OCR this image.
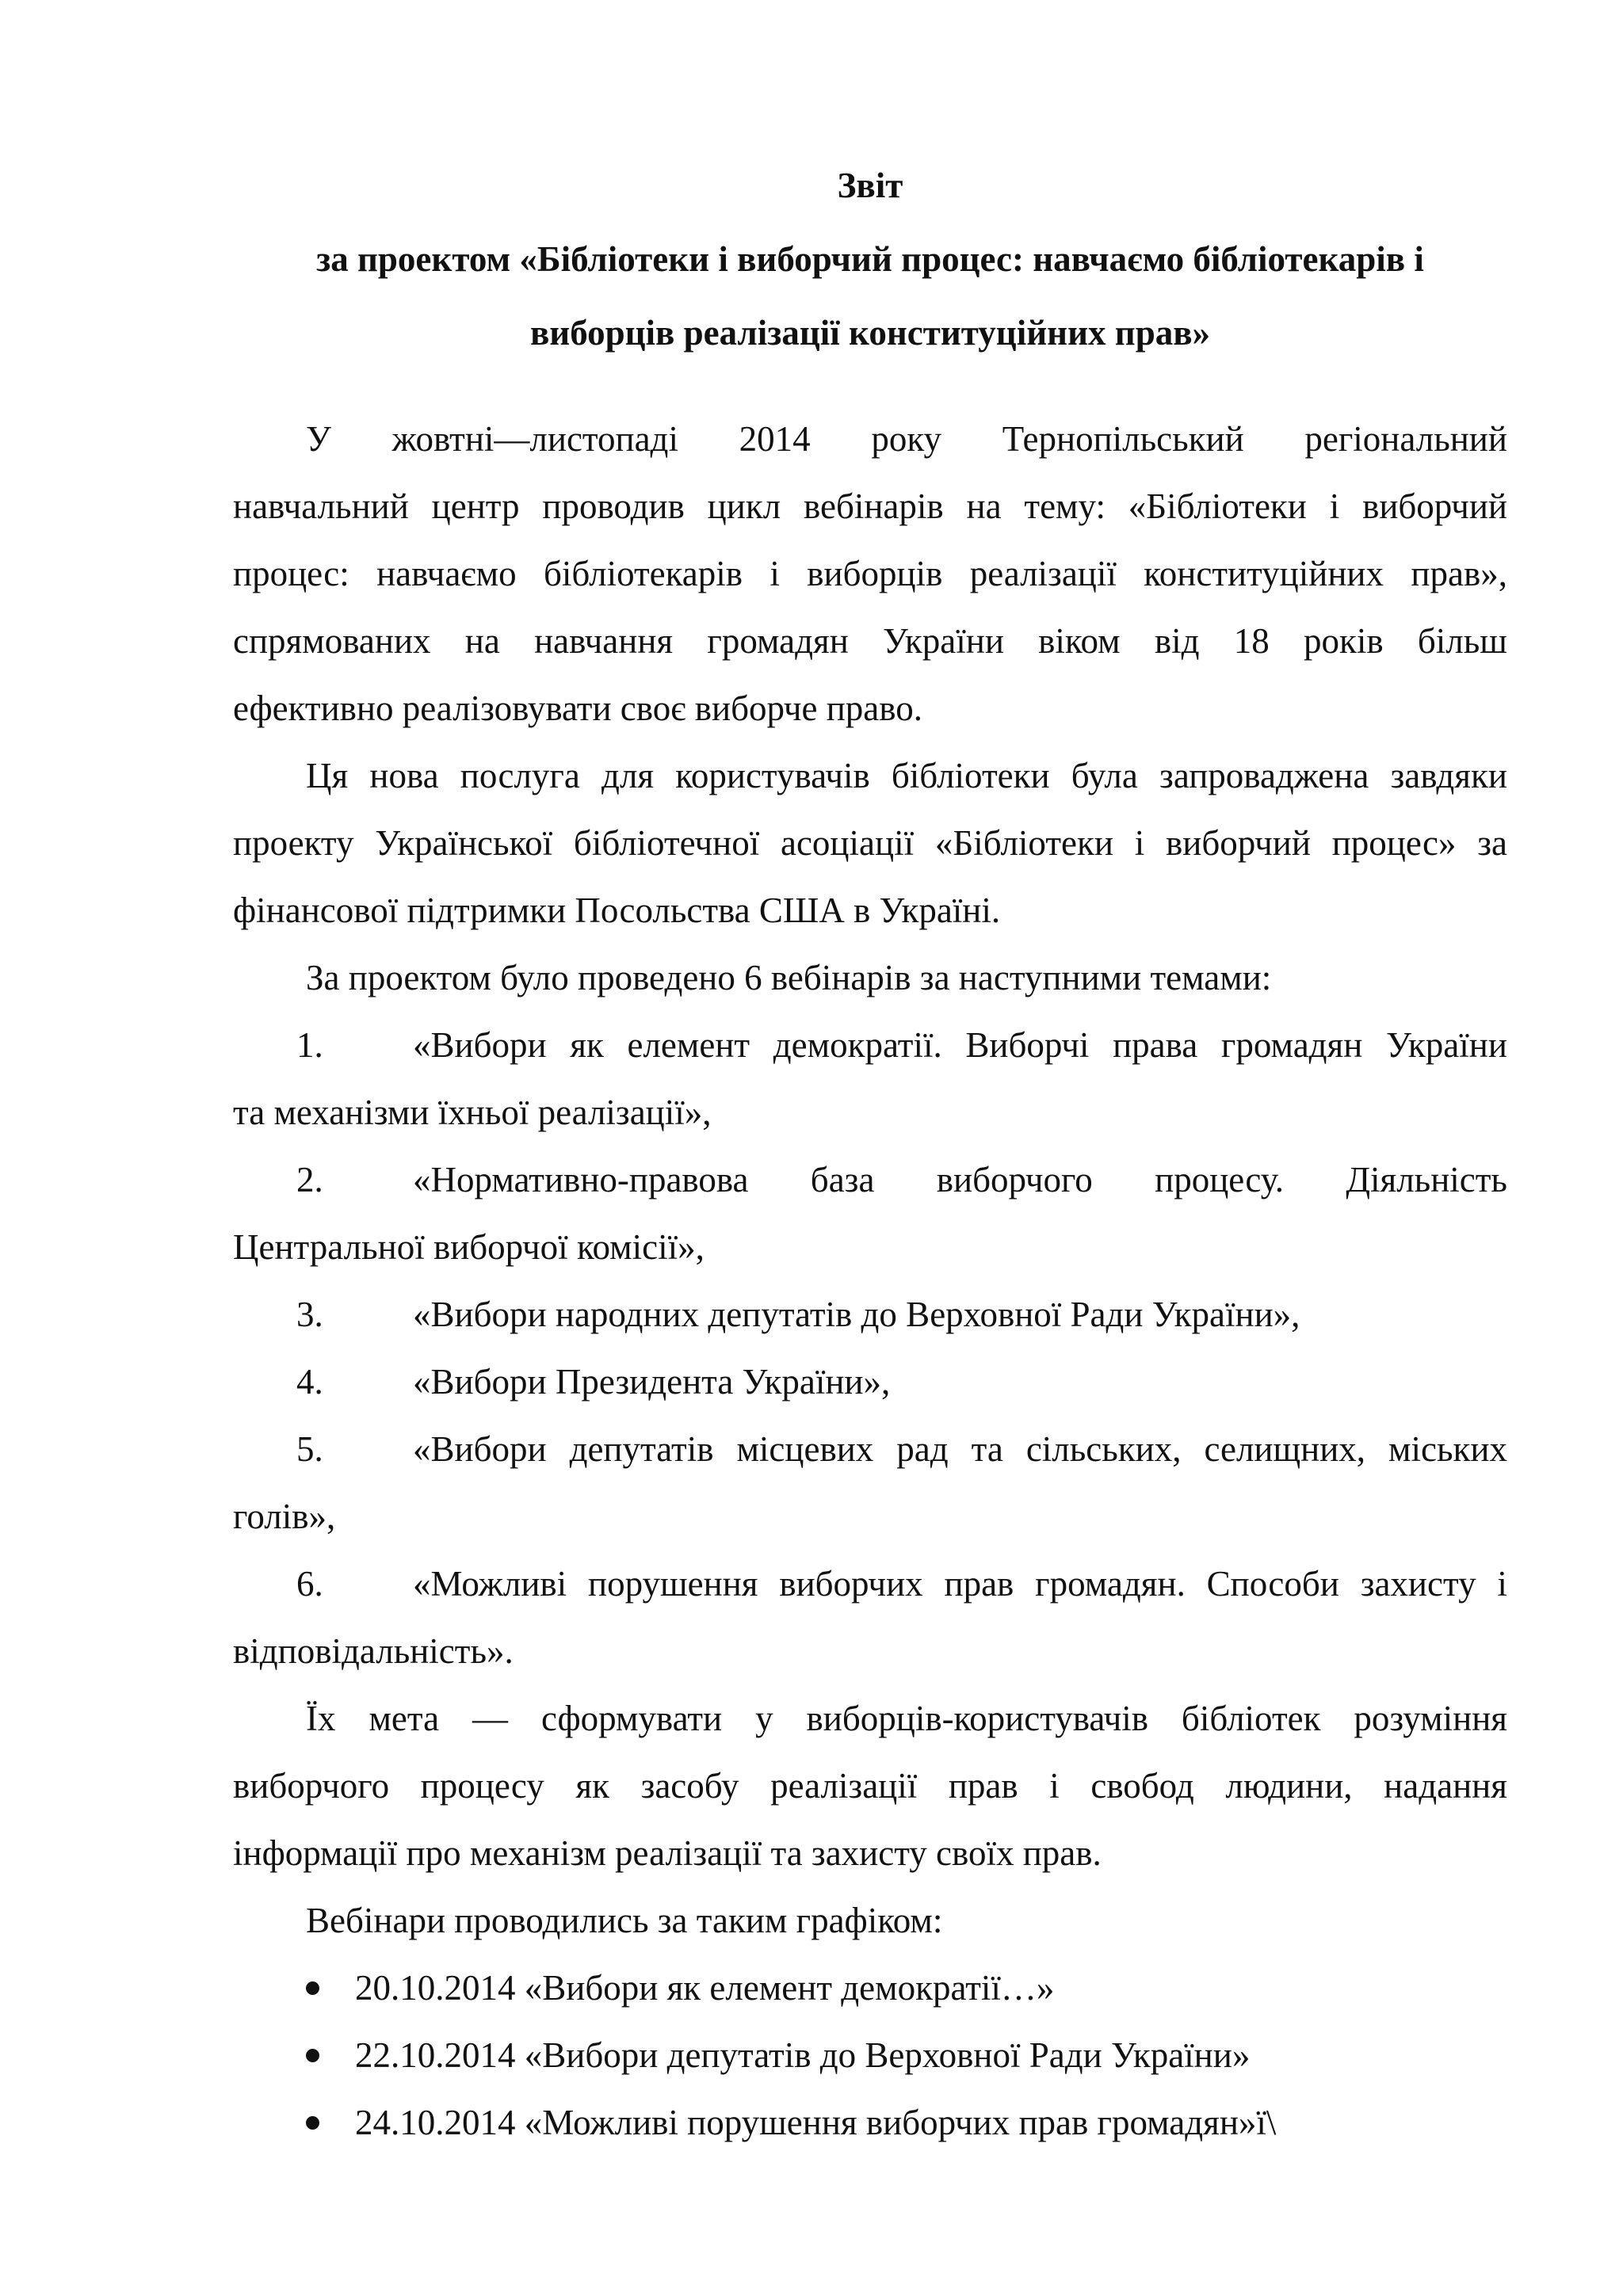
Звіт
за проектом «Бібліотеки і виборчий процес: навчаємо бібліотекарів і
виборців реалізації конституційних прав»
У жовтні—листопаді 2014 року Тернопільський регіональний
навчальний центр проводив цикл вебінарів на тему: «Бібліотеки і виборчий
процес: навчаємо бібліотекарів і виборців реалізації конституційних прав»,
спрямованих на навчання громадян України віком від 18 років більш
ефективно реалізовувати своє виборче право.
Ця нова послуга для користувачів бібліотеки була запроваджена завдяки
проекту Української бібліотечної асоціації «Бібліотеки і виборчий процес» за
фінансової підтримки Посольства США в Україні.
За проектом було проведено 6 вебінарів за наступними темами:
1.	«Вибори як елемент демократії. Виборчі права громадян України
та механізми їхньої реалізації»,
2.	«Нормативно-правова база виборчого процесу. Діяльність
Центральної виборчої комісії»,
3.	«Вибори народних депутатів до Верховної Ради України»,
4.	«Вибори Президента України»,
5.	«Вибори депутатів місцевих рад та сільських, селищних, міських
голів»,
6.	«Можливі порушення виборчих прав громадян. Способи захисту і
відповідальність».
Їх мета — сформувати у виборців-користувачів бібліотек розуміння
виборчого процесу як засобу реалізації прав і свобод людини, надання
інформації про механізм реалізації та захисту своїх прав.
Вебінари проводились за таким графіком:
20.10.2014 «Вибори як елемент демократії…»
22.10.2014 «Вибори депутатів до Верховної Ради України»
24.10.2014 «Можливі порушення виборчих прав громадян»ї\
